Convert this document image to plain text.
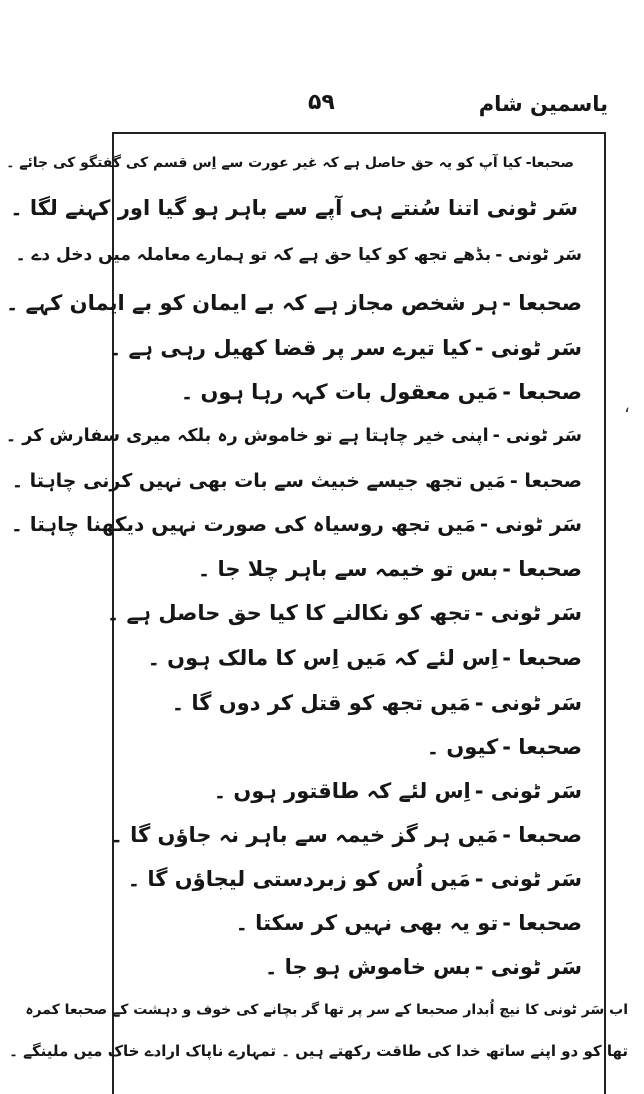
۵۹	یاسمین شام
صحبعا-کیا آپ کو یہ حق حاصل ہے کہ غیر عورت سے اِس قسم کی گفتگو کی جائے ۔
سَر ٹونی اتنا سُنتے ہی آپے سے باہر ہو گیا اور کہنے لگا ۔
سَر ٹونی -بڈھے تجھ کو کیا حق ہے کہ تو ہمارے معاملہ میں دخل دے ۔
صحبعا -ہر شخص مجاز ہے کہ بے ایمان کو بے ایمان کہے ۔
سَر ٹونی -کیا تیرے سر پر قضا کھیل رہی ہے ۔
صحبعا -مَیں معقول بات کہہ رہا ہوں ۔
سَر ٹونی -اپنی خیر چاہتا ہے تو خاموش رہ بلکہ میری سفارش کر ۔
صحبعا -مَیں تجھ جیسے خبیث سے بات بھی نہیں کرنی چاہتا ۔
سَر ٹونی -مَیں تجھ روسیاہ کی صورت نہیں دیکھنا چاہتا ۔
صحبعا -بس تو خیمہ سے باہر چلا جا ۔
سَر ٹونی -تجھ کو نکالنے کا کیا حق حاصل ہے ۔
صحبعا -اِس لئے کہ مَیں اِس کا مالک ہوں ۔
سَر ٹونی -مَیں تجھ کو قتل کر دوں گا ۔
صحبعا -کیوں ۔
سَر ٹونی -اِس لئے کہ طاقتور ہوں ۔
صحبعا -مَیں ہر گز خیمہ سے باہر نہ جاؤں گا ۔
سَر ٹونی -مَیں اُس کو زبردستی لیجاؤں گا ۔
صحبعا -تو یہ بھی نہیں کر سکتا ۔
سَر ٹونی -بس خاموش ہو جا ۔
اب سَر ٹونی کا نیچ اُبدار صحبعا کے سر پر تھا گر بچانے کی خوف و دہشت کے صحبعا کمرہ
تھا کو دو اپنے ساتھ خدا کی طاقت رکھتے ہیں ۔ تمہارے ناپاک ارادے خاک میں ملینگے ۔
،
